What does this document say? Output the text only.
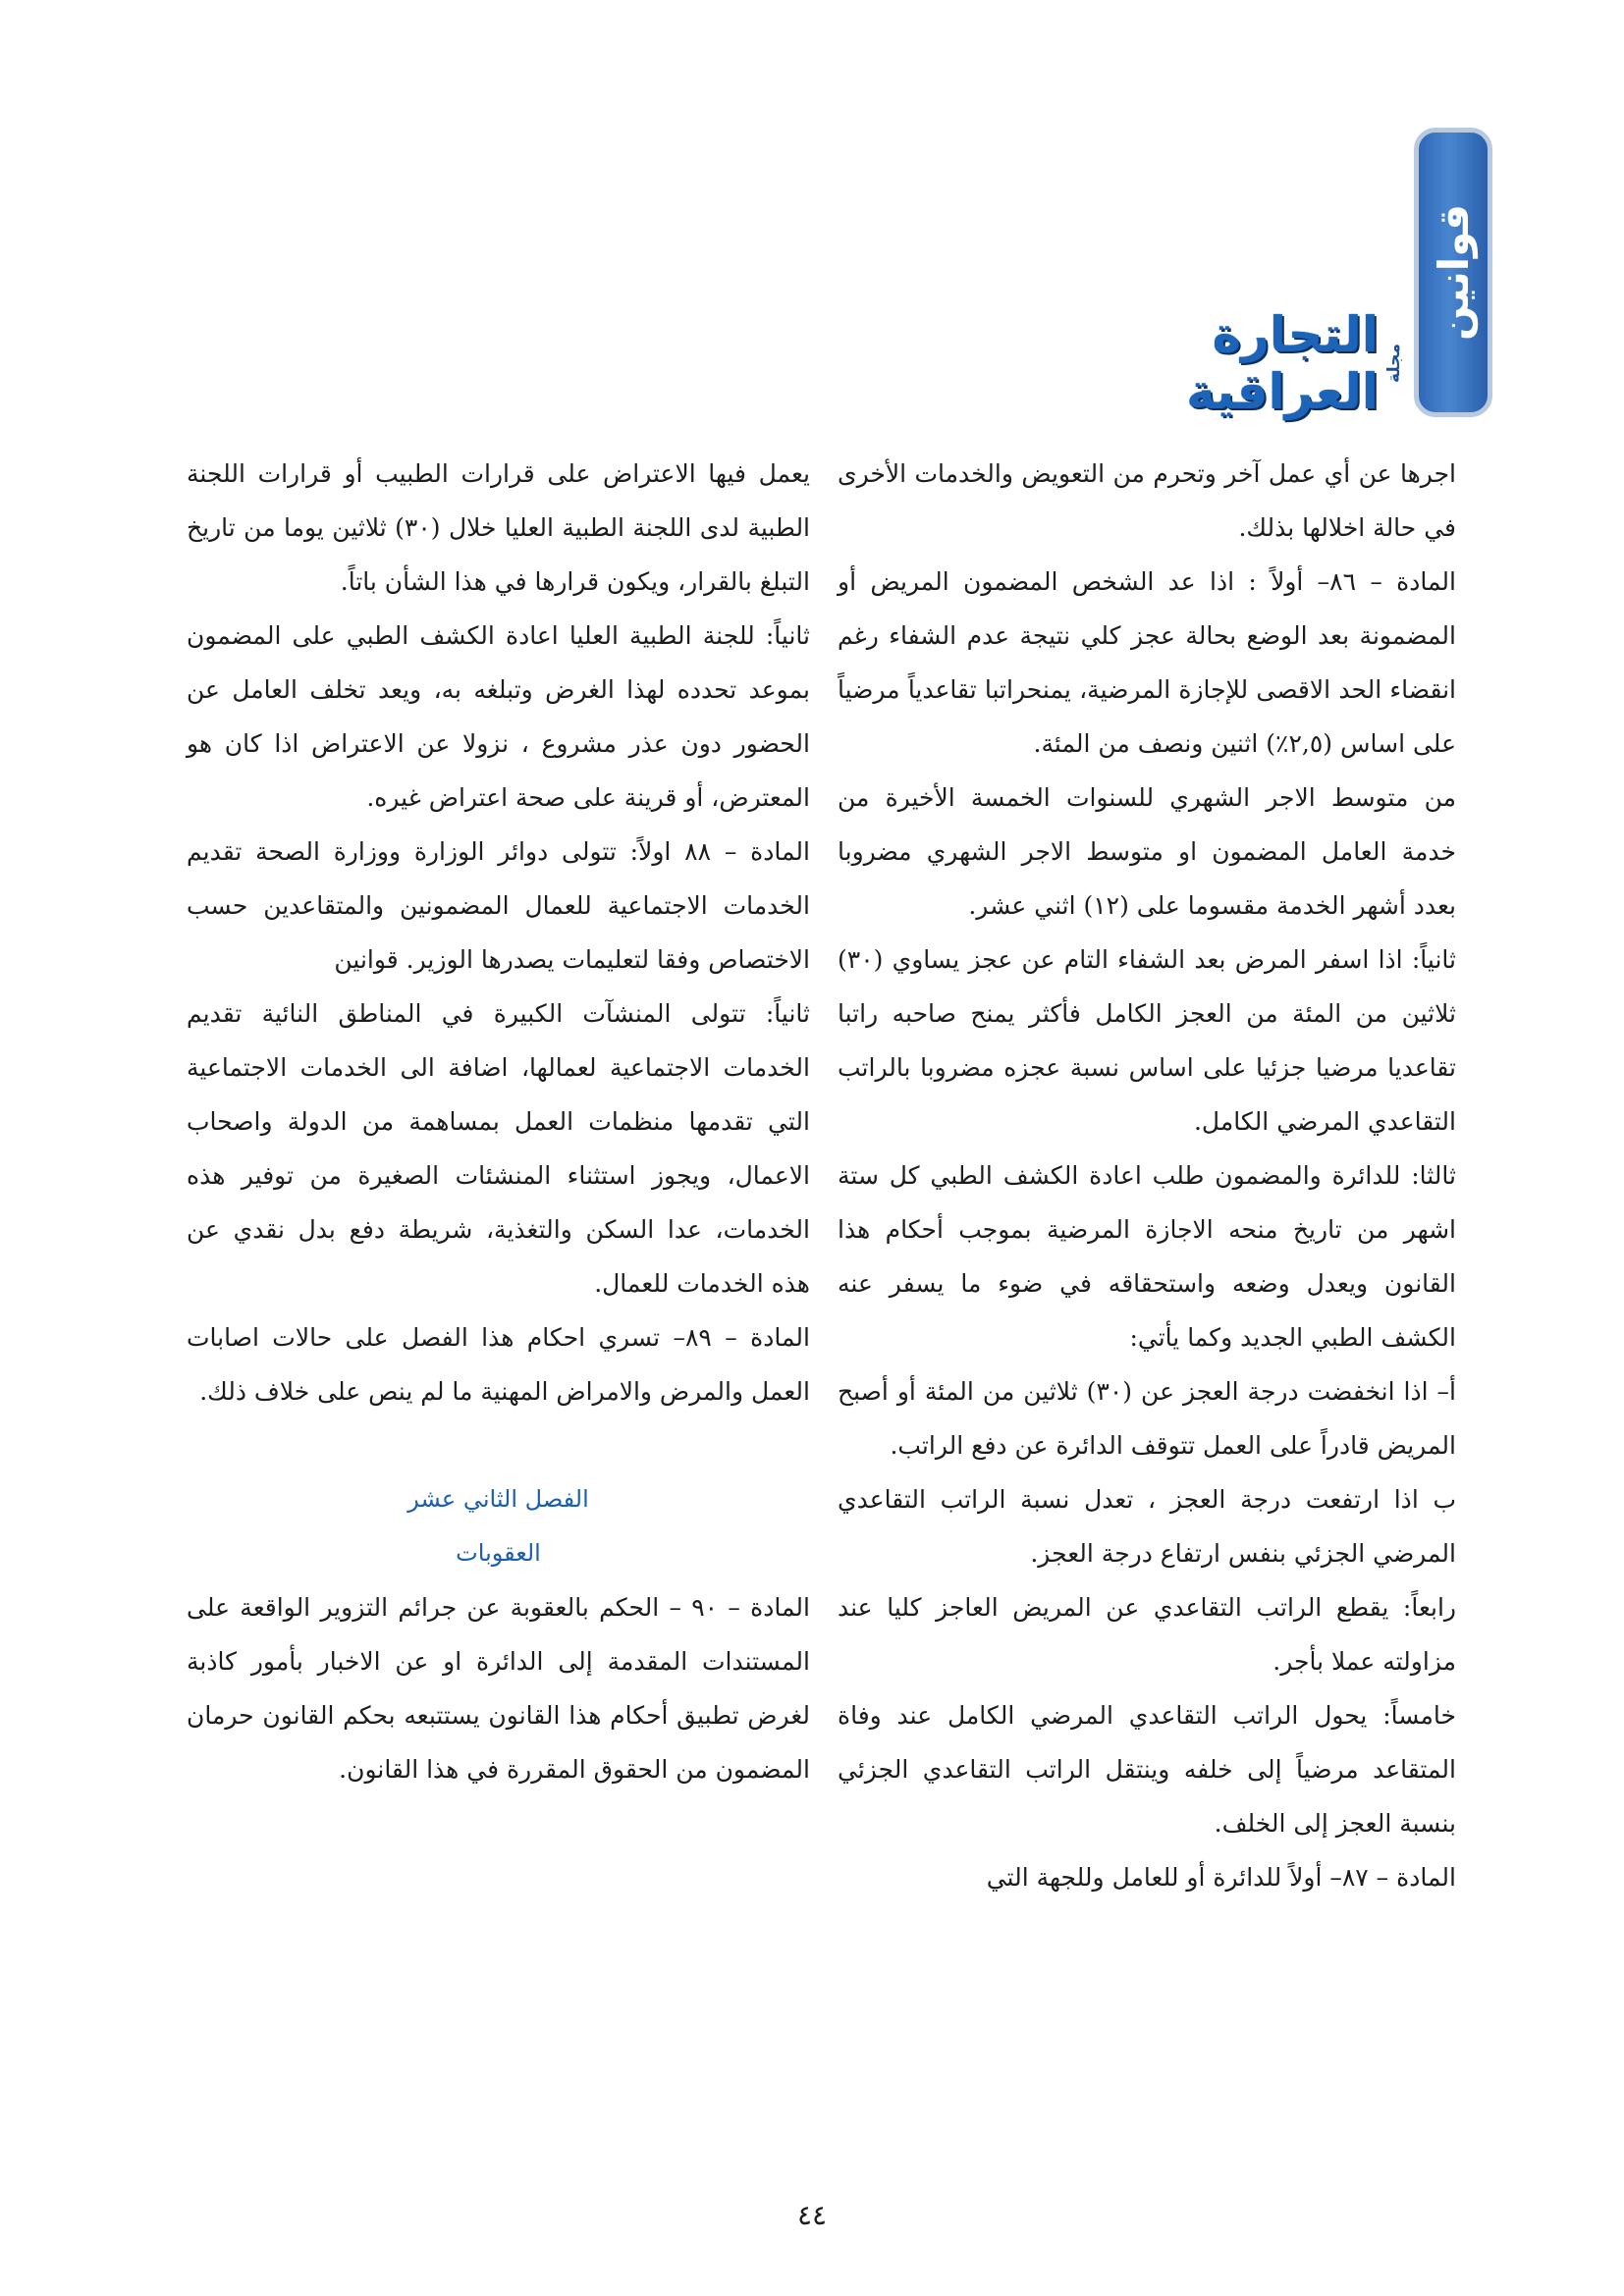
قوانين
مجلة
التجارة العراقية

اجرها عن أي عمل آخر وتحرم من التعويض والخدمات الأخرى في حالة اخلالها بذلك.

المادة – ٨٦– أولاً : اذا عد الشخص المضمون المريض أو المضمونة بعد الوضع بحالة عجز كلي نتيجة عدم الشفاء رغم انقضاء الحد الاقصى للإجازة المرضية، يمنحراتبا تقاعدياً مرضياً على اساس (٢,٥٪) اثنين ونصف من المئة.

من متوسط الاجر الشهري للسنوات الخمسة الأخيرة من خدمة العامل المضمون او متوسط الاجر الشهري مضروبا بعدد أشهر الخدمة مقسوما على (١٢) اثني عشر.

ثانياً: اذا اسفر المرض بعد الشفاء التام عن عجز يساوي (٣٠) ثلاثين من المئة من العجز الكامل فأكثر يمنح صاحبه راتبا تقاعديا مرضيا جزئيا على اساس نسبة عجزه مضروبا بالراتب التقاعدي المرضي الكامل.

ثالثا: للدائرة والمضمون طلب اعادة الكشف الطبي كل ستة اشهر من تاريخ منحه الاجازة المرضية بموجب أحكام هذا القانون ويعدل وضعه واستحقاقه في ضوء ما يسفر عنه الكشف الطبي الجديد وكما يأتي:

أ– اذا انخفضت درجة العجز عن (٣٠) ثلاثين من المئة أو أصبح المريض قادراً على العمل تتوقف الدائرة عن دفع الراتب.

ب اذا ارتفعت درجة العجز ، تعدل نسبة الراتب التقاعدي المرضي الجزئي بنفس ارتفاع درجة العجز.

رابعاً: يقطع الراتب التقاعدي عن المريض العاجز كليا عند مزاولته عملا بأجر.

خامساً: يحول الراتب التقاعدي المرضي الكامل عند وفاة المتقاعد مرضياً إلى خلفه وينتقل الراتب التقاعدي الجزئي بنسبة العجز إلى الخلف.

المادة – ٨٧– أولاً للدائرة أو للعامل وللجهة التي

يعمل فيها الاعتراض على قرارات الطبيب أو قرارات اللجنة الطبية لدى اللجنة الطبية العليا خلال (٣٠) ثلاثين يوما من تاريخ التبلغ بالقرار، ويكون قرارها في هذا الشأن باتاً.

ثانياً: للجنة الطبية العليا اعادة الكشف الطبي على المضمون بموعد تحدده لهذا الغرض وتبلغه به، ويعد تخلف العامل عن الحضور دون عذر مشروع ، نزولا عن الاعتراض اذا كان هو المعترض، أو قرينة على صحة اعتراض غيره.

المادة – ٨٨ اولاً: تتولى دوائر الوزارة ووزارة الصحة تقديم الخدمات الاجتماعية للعمال المضمونين والمتقاعدين حسب الاختصاص وفقا لتعليمات يصدرها الوزير. قوانين

ثانياً: تتولى المنشآت الكبيرة في المناطق النائية تقديم الخدمات الاجتماعية لعمالها، اضافة الى الخدمات الاجتماعية التي تقدمها منظمات العمل بمساهمة من الدولة واصحاب الاعمال، ويجوز استثناء المنشئات الصغيرة من توفير هذه الخدمات، عدا السكن والتغذية، شريطة دفع بدل نقدي عن هذه الخدمات للعمال.

المادة – ٨٩– تسري احكام هذا الفصل على حالات اصابات العمل والمرض والامراض المهنية ما لم ينص على خلاف ذلك.

الفصل الثاني عشر

العقوبات

المادة – ٩٠ – الحكم بالعقوبة عن جرائم التزوير الواقعة على المستندات المقدمة إلى الدائرة او عن الاخبار بأمور كاذبة لغرض تطبيق أحكام هذا القانون يستتبعه بحكم القانون حرمان المضمون من الحقوق المقررة في هذا القانون.

٤٤
